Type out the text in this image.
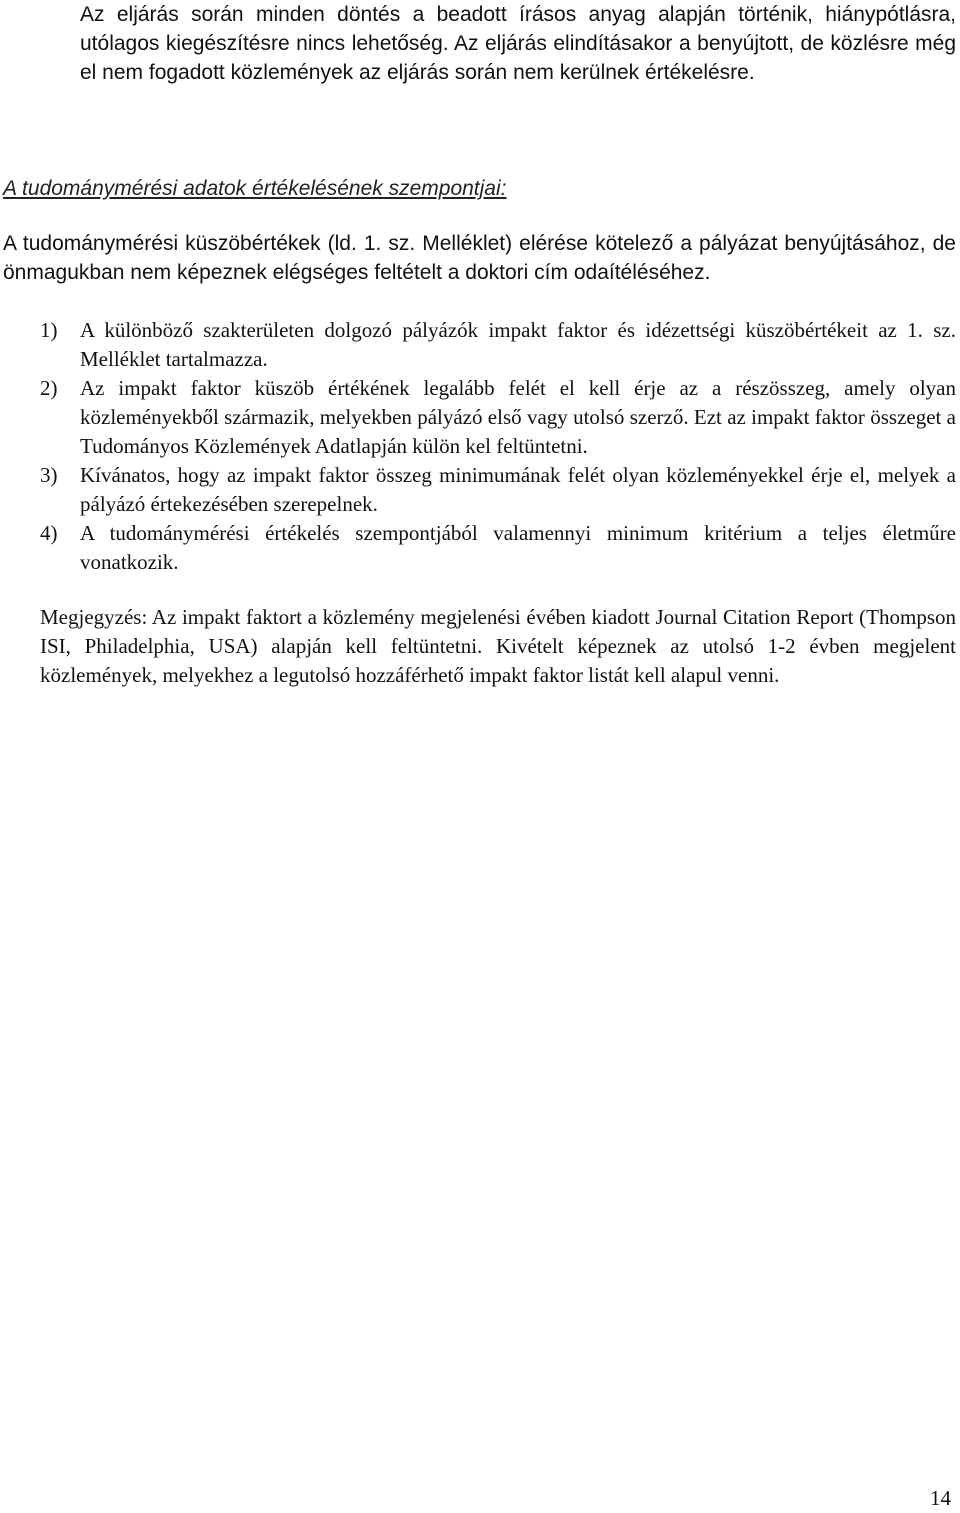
Az eljárás során minden döntés a beadott írásos anyag alapján történik, hiánypótlásra, utólagos kiegészítésre nincs lehetőség. Az eljárás elindításakor a benyújtott, de közlésre még el nem fogadott közlemények az eljárás során nem kerülnek értékelésre.

A tudománymérési adatok értékelésének szempontjai:

A tudománymérési küszöbértékek (ld. 1. sz. Melléklet) elérése kötelező a pályázat benyújtásához, de önmagukban nem képeznek elégséges feltételt a doktori cím odaítéléséhez.

1) A különböző szakterületen dolgozó pályázók impakt faktor és idézettségi küszöbértékeit az 1. sz. Melléklet tartalmazza.
2) Az impakt faktor küszöb értékének legalább felét el kell érje az a részösszeg, amely olyan közleményekből származik, melyekben pályázó első vagy utolsó szerző. Ezt az impakt faktor összeget a Tudományos Közlemények Adatlapján külön kel feltüntetni.
3) Kívánatos, hogy az impakt faktor összeg minimumának felét olyan közleményekkel érje el, melyek a pályázó értekezésében szerepelnek.
4) A tudománymérési értékelés szempontjából valamennyi minimum kritérium a teljes életműre vonatkozik.

Megjegyzés: Az impakt faktort a közlemény megjelenési évében kiadott Journal Citation Report (Thompson ISI, Philadelphia, USA) alapján kell feltüntetni. Kivételt képeznek az utolsó 1-2 évben megjelent közlemények, melyekhez a legutolsó hozzáférhető impakt faktor listát kell alapul venni.

14
